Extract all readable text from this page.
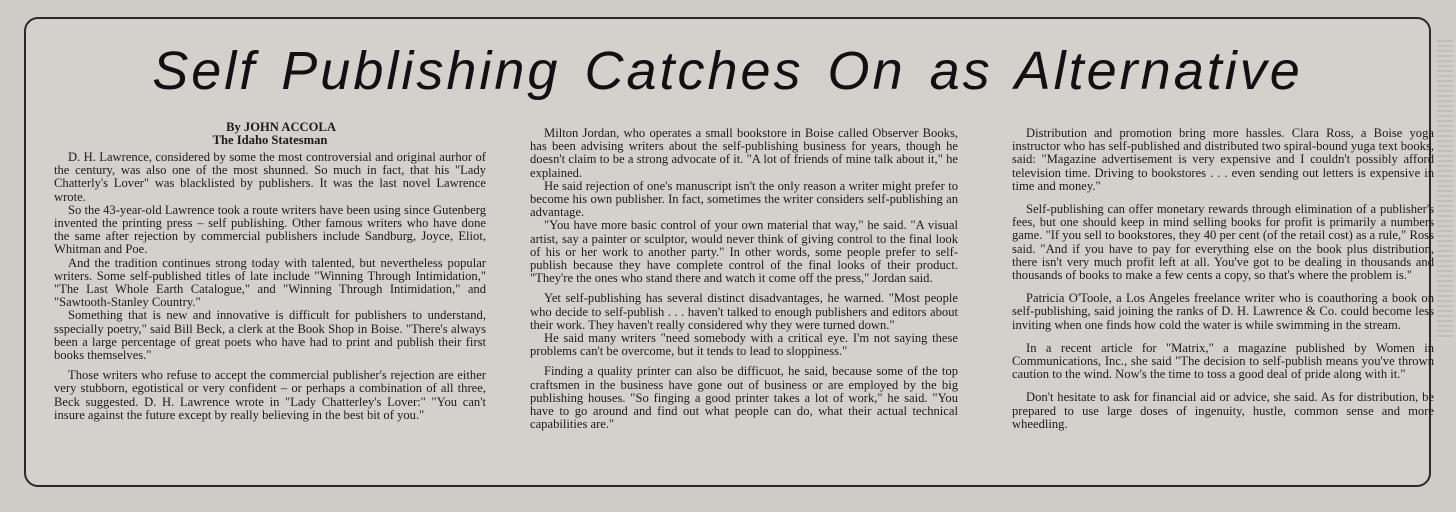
Self Publishing Catches On as Alternative
By JOHN ACCOLA
The Idaho Statesman

D. H. Lawrence, considered by some the most controversial and original aurhor of the century, was also one of the most shunned. So much in fact, that his "Lady Chatterly's Lover" was blacklisted by publishers. It was the last novel Lawrence wrote.

So the 43-year-old Lawrence took a route writers have been using since Gutenberg invented the printing press – self publishing. Other famous writers who have done the same after rejection by commercial publishers include Sandburg, Joyce, Eliot, Whitman and Poe.

And the tradition continues strong today with talented, but nevertheless popular writers. Some self-published titles of late include "Winning Through Intimidation," "The Last Whole Earth Catalogue," and "Winning Through Intimidation," and "Sawtooth-Stanley Country."

Something that is new and innovative is difficult for publishers to understand, sspecially poetry," said Bill Beck, a clerk at the Book Shop in Boise. "There's always been a large percentage of great poets who have had to print and publish their first books themselves."

Those writers who refuse to accept the commercial publisher's rejection are either very stubborn, egotistical or very confident – or perhaps a combination of all three, Beck suggested. D. H. Lawrence wrote in "Lady Chatterley's Lover:" "You can't insure against the future except by really believing in the best bit of you."

Milton Jordan, who operates a small bookstore in Boise called Observer Books, has been advising writers about the self-publishing business for years, though he doesn't claim to be a strong advocate of it. "A lot of friends of mine talk about it," he explained.

He said rejection of one's manuscript isn't the only reason a writer might prefer to become his own publisher. In fact, sometimes the writer considers self-publishing an advantage.

"You have more basic control of your own material that way," he said. "A visual artist, say a painter or sculptor, would never think of giving control to the final look of his or her work to another party." In other words, some people prefer to self-publish because they have complete control of the final looks of their product. "They're the ones who stand there and watch it come off the press," Jordan said.

Yet self-publishing has several distinct disadvantages, he warned. "Most people who decide to self-publish . . . haven't talked to enough publishers and editors about their work. They haven't really considered why they were turned down."

He said many writers "need somebody with a critical eye. I'm not saying these problems can't be overcome, but it tends to lead to sloppiness."

Finding a quality printer can also be difficuot, he said, because some of the top craftsmen in the business have gone out of business or are employed by the big publishing houses. "So finging a good printer takes a lot of work," he said. "You have to go around and find out what people can do, what their actual technical capabilities are."

Distribution and promotion bring more hassles. Clara Ross, a Boise yoga instructor who has self-published and distributed two spiral-bound yuga text books, said: "Magazine advertisement is very expensive and I couldn't possibly afford television time. Driving to bookstores . . . even sending out letters is expensive in time and money."

Self-publishing can offer monetary rewards through elimination of a publisher's fees, but one should keep in mind selling books for profit is primarily a numbers game. "If you sell to bookstores, they 40 per cent (of the retail cost) as a rule," Ross said. "And if you have to pay for everything else on the book plus distribution, there isn't very much profit left at all. You've got to be dealing in thousands and thousands of books to make a few cents a copy, so that's where the problem is."

Patricia O'Toole, a Los Angeles freelance writer who is coauthoring a book on self-publishing, said joining the ranks of D. H. Lawrence & Co. could become less inviting when one finds how cold the water is while swimming in the stream.

In a recent article for "Matrix," a magazine published by Women in Communications, Inc., she said "The decision to self-publish means you've thrown caution to the wind. Now's the time to toss a good deal of pride along with it."

Don't hesitate to ask for financial aid or advice, she said. As for distribution, be prepared to use large doses of ingenuity, hustle, common sense and more wheedling.
